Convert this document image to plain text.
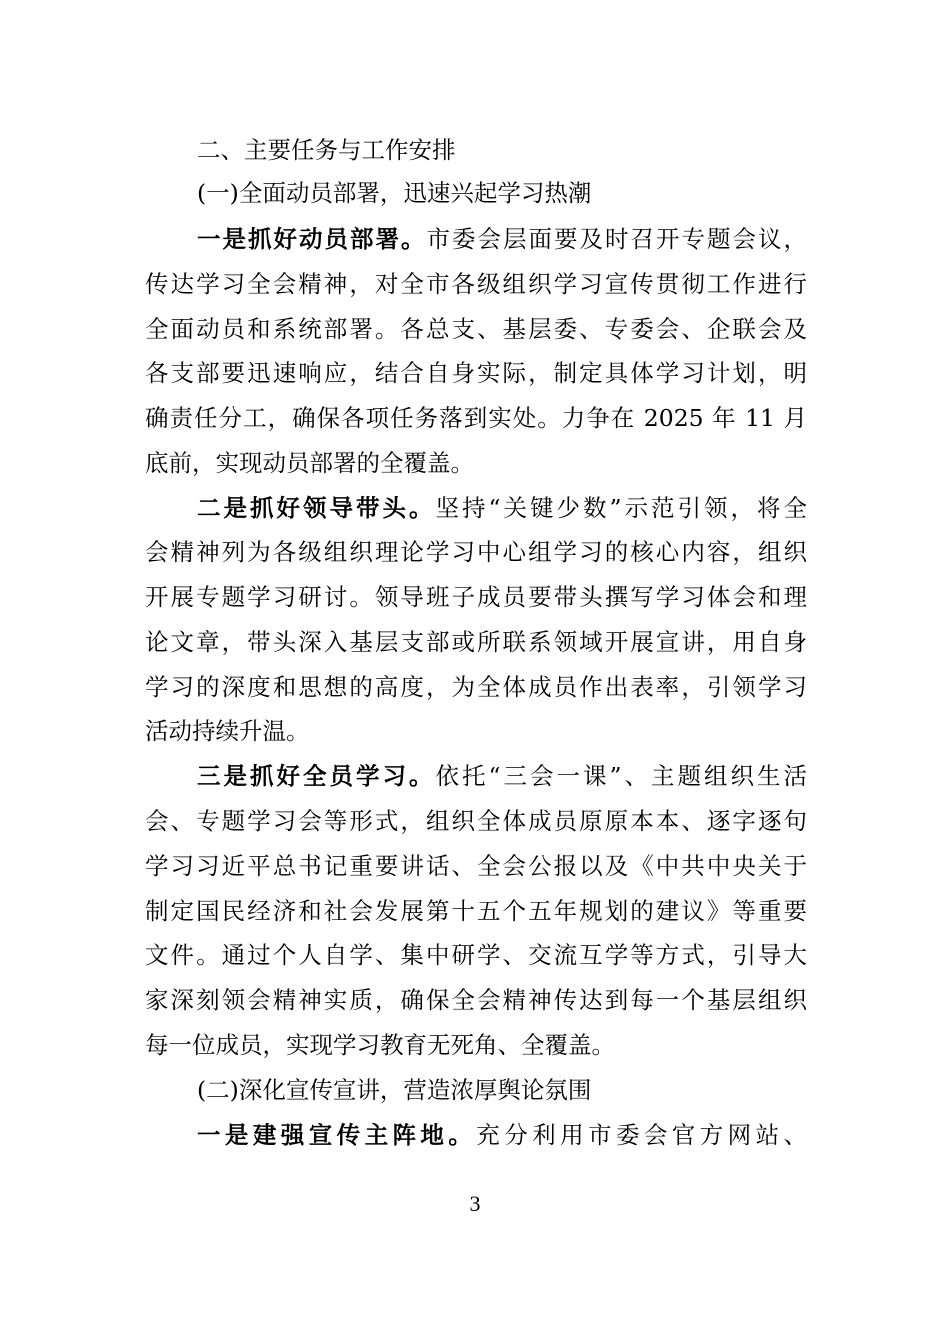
二、主要任务与工作安排
(一)全面动员部署，迅速兴起学习热潮
一是抓好动员部署。市委会层面要及时召开专题会议，
传达学习全会精神，对全市各级组织学习宣传贯彻工作进行
全面动员和系统部署。各总支、基层委、专委会、企联会及
各支部要迅速响应，结合自身实际，制定具体学习计划，明
确责任分工，确保各项任务落到实处。力争在 2025 年 11 月
底前，实现动员部署的全覆盖。
二是抓好领导带头。坚持“关键少数”示范引领，将全
会精神列为各级组织理论学习中心组学习的核心内容，组织
开展专题学习研讨。领导班子成员要带头撰写学习体会和理
论文章，带头深入基层支部或所联系领域开展宣讲，用自身
学习的深度和思想的高度，为全体成员作出表率，引领学习
活动持续升温。
三是抓好全员学习。依托“三会一课”、主题组织生活
会、专题学习会等形式，组织全体成员原原本本、逐字逐句
学习习近平总书记重要讲话、全会公报以及《中共中央关于
制定国民经济和社会发展第十五个五年规划的建议》等重要
文件。通过个人自学、集中研学、交流互学等方式，引导大
家深刻领会精神实质，确保全会精神传达到每一个基层组织
每一位成员，实现学习教育无死角、全覆盖。
(二)深化宣传宣讲，营造浓厚舆论氛围
一是建强宣传主阵地。充分利用市委会官方网站、
3
